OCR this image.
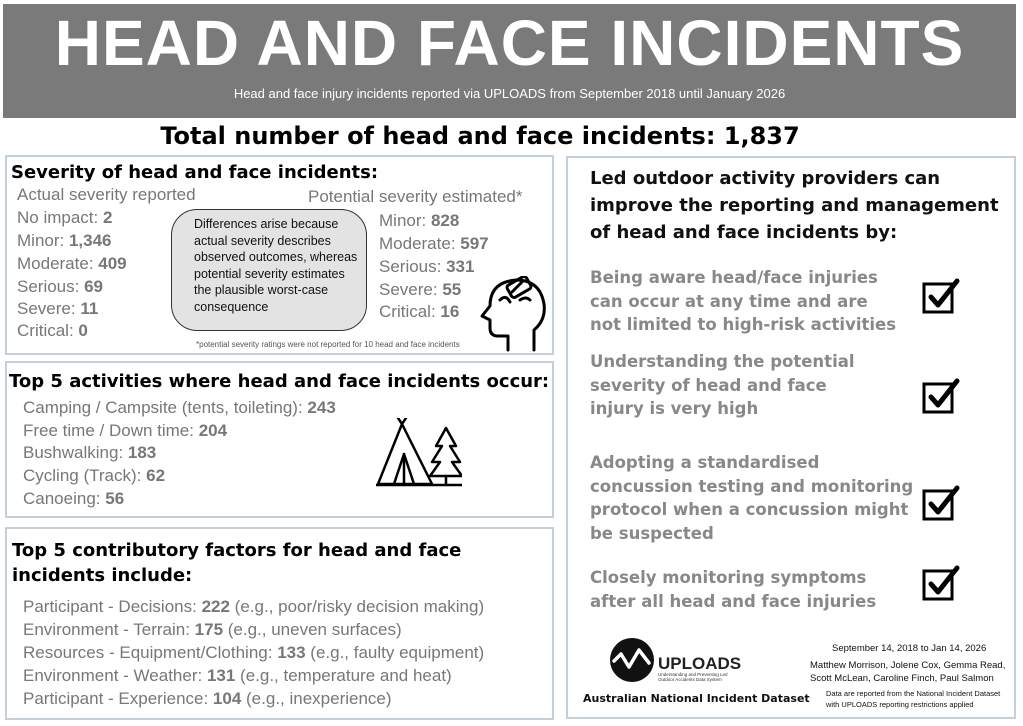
HEAD AND FACE INCIDENTS
Head and face injury incidents reported via UPLOADS from September 2018 until January 2026
Total number of head and face incidents: 1,837
Severity of head and face incidents:
Actual severity reported	Potential severity estimated*
No impact: 2
Minor: 1,346
Moderate: 409
Serious: 69
Severe: 11
Critical: 0
Minor: 828
Moderate: 597
Serious: 331
Severe: 55
Critical: 16
Differences arise because actual severity describes observed outcomes, whereas potential severity estimates the plausible worst-case consequence
*potential severity ratings were not reported for 10 head and face incidents
Top 5 activities where head and face incidents occur:
Camping / Campsite (tents, toileting): 243
Free time / Down time: 204
Bushwalking: 183
Cycling (Track): 62
Canoeing: 56
Top 5 contributory factors for head and face
incidents include:
Participant - Decisions: 222 (e.g., poor/risky decision making)
Environment - Terrain: 175 (e.g., uneven surfaces)
Resources - Equipment/Clothing: 133 (e.g., faulty equipment)
Environment - Weather: 131 (e.g., temperature and heat)
Participant - Experience: 104 (e.g., inexperience)
Led outdoor activity providers can
improve the reporting and management
of head and face incidents by:
Being aware head/face injuries
can occur at any time and are
not limited to high-risk activities
Understanding the potential
severity of head and face
injury is very high
Adopting a standardised
concussion testing and monitoring
protocol when a concussion might
be suspected
Closely monitoring symptoms
after all head and face injuries
UPLOADS
Understanding and Preventing Led
Outdoor Accidents Data System
Australian National Incident Dataset
September 14, 2018 to Jan 14, 2026
Matthew Morrison, Jolene Cox, Gemma Read,
Scott McLean, Caroline Finch, Paul Salmon
Data are reported from the National Incident Dataset
with UPLOADS reporting restrictions applied
